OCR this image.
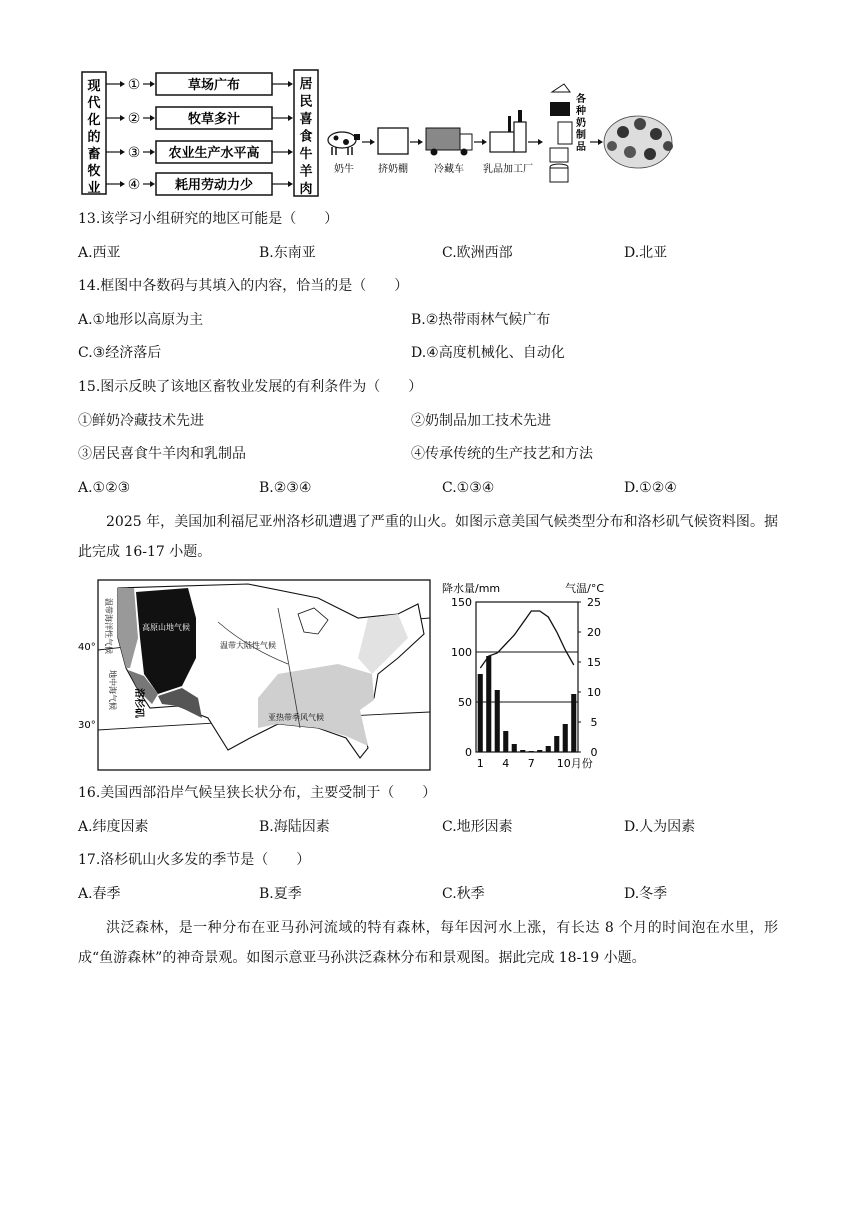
现
代
化
的
畜
牧
业
①	草场广布
②	牧草多汁
③ 农业生产水平高
④	耗用劳动力少
居
民
喜
食
牛
羊
肉
各
种
奶
制
品
奶牛 挤奶棚	冷藏车 乳品加工厂
13.该学习小组研究的地区可能是（　　）
A.西亚	B.东南亚	C.欧洲西部	D.北亚
14.框图中各数码与其填入的内容，恰当的是（　　）
A.①地形以高原为主	B.②热带雨林气候广布
C.③经济落后	D.④高度机械化、自动化
15.图示反映了该地区畜牧业发展的有利条件为（　　）
①鲜奶冷藏技术先进	②奶制品加工技术先进
③居民喜食牛羊肉和乳制品	④传承传统的生产技艺和方法
A.①②③	B.②③④	C.①③④	D.①②④
2025 年，美国加利福尼亚州洛杉矶遭遇了严重的山火。如图示意美国气候类型分布和洛杉矶气候资料图。据此完成 16-17 小题。
温带海洋性气候	高原山地气候
温带大陆性气候
地中海气候 洛杉矶	亚热带季风气候
40°
30°
降水量/mm	气温/°C
150
100
50
0
25
20
15
10
5
0
1 4 7 10月份
16.美国西部沿岸气候呈狭长状分布，主要受制于（　　）
A.纬度因素	B.海陆因素	C.地形因素	D.人为因素
17.洛杉矶山火多发的季节是（　　）
A.春季	B.夏季	C.秋季	D.冬季
洪泛森林，是一种分布在亚马孙河流域的特有森林，每年因河水上涨，有长达 8 个月的时间泡在水里，形成“鱼游森林”的神奇景观。如图示意亚马孙洪泛森林分布和景观图。据此完成 18-19 小题。
